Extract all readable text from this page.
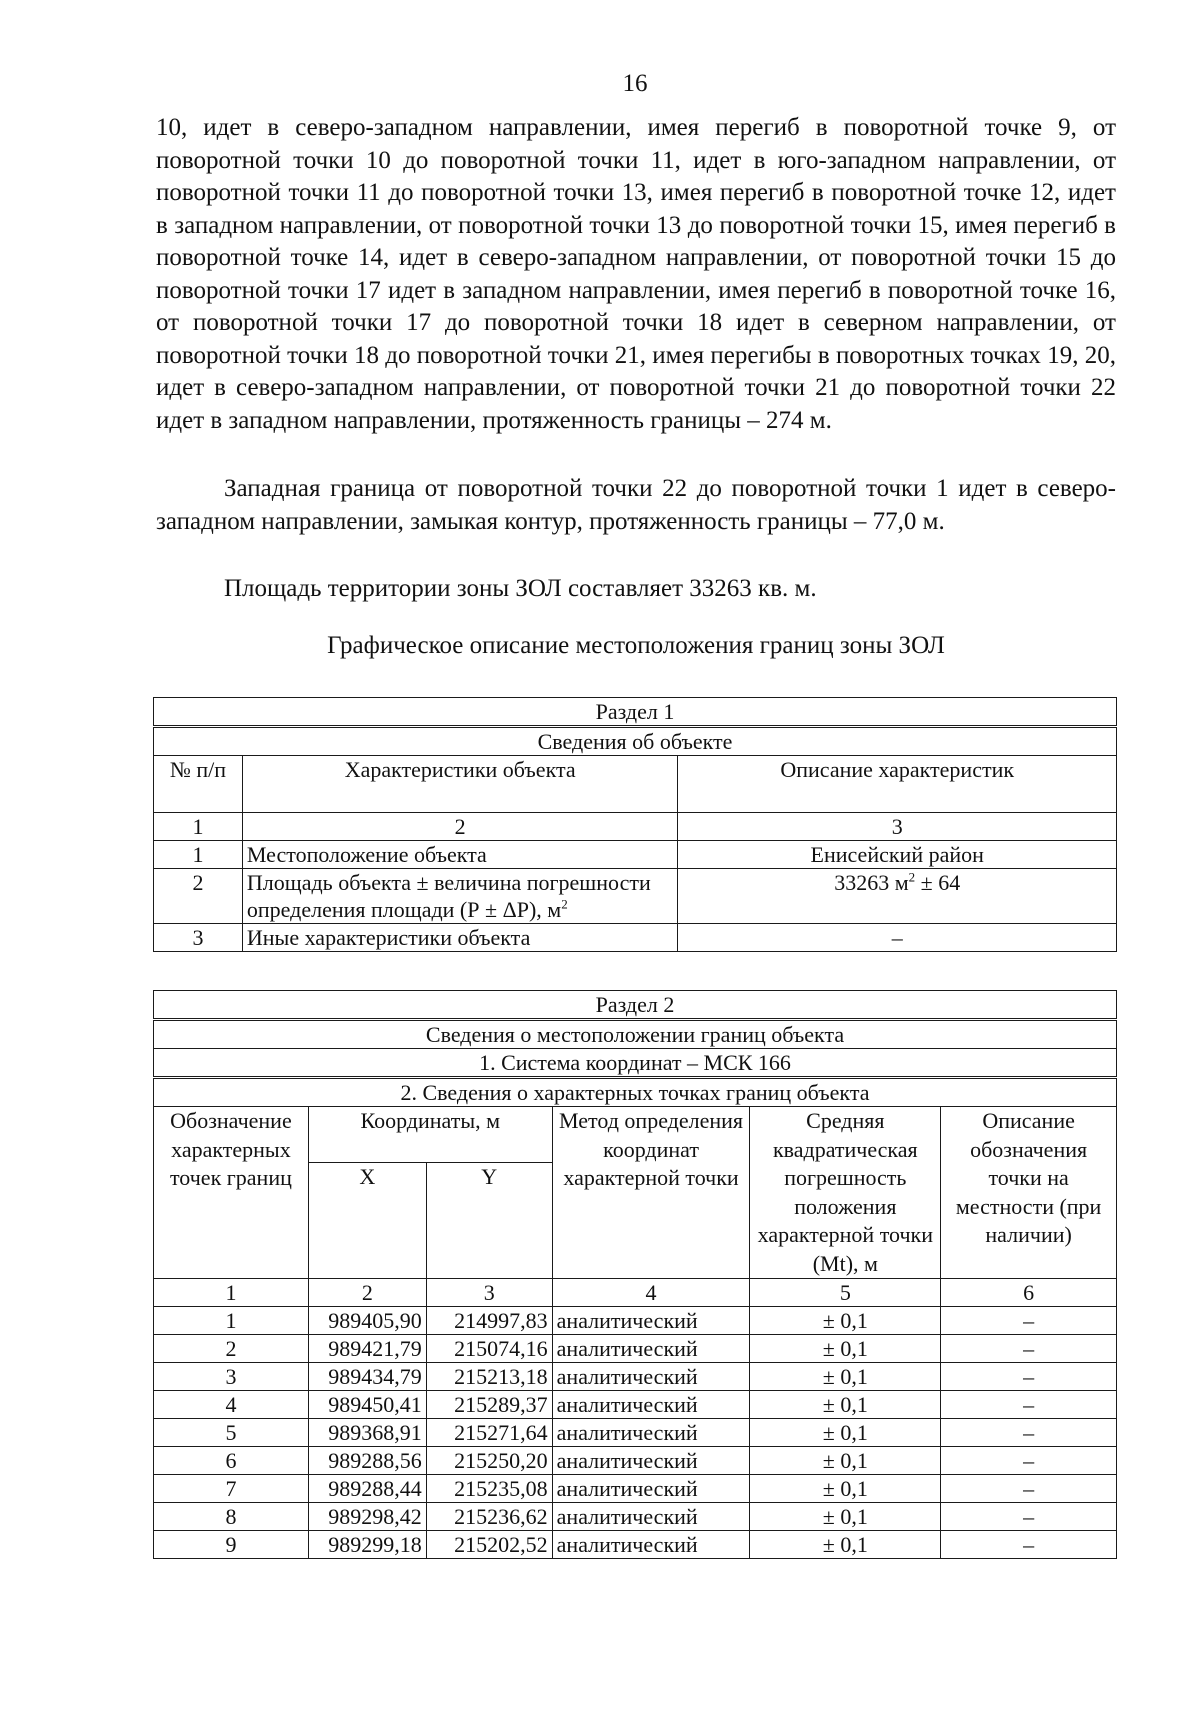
16

10, идет в северо-западном направлении, имея перегиб в поворотной точке 9, от поворотной точки 10 до поворотной точки 11, идет в юго-западном направлении, от поворотной точки 11 до поворотной точки 13, имея перегиб в поворотной точке 12, идет в западном направлении, от поворотной точки 13 до поворотной точки 15, имея перегиб в поворотной точке 14, идет в северо-западном направлении, от поворотной точки 15 до поворотной точки 17 идет в западном направлении, имея перегиб в поворотной точке 16, от поворотной точки 17 до поворотной точки 18 идет в северном направлении, от поворотной точки 18 до поворотной точки 21, имея перегибы в поворотных точках 19, 20, идет в северо-западном направлении, от поворотной точки 21 до поворотной точки 22 идет в западном направлении, протяженность границы – 274 м.

Западная граница от поворотной точки 22 до поворотной точки 1 идет в северо-западном направлении, замыкая контур, протяженность границы – 77,0 м.

Площадь территории зоны ЗОЛ составляет 33263 кв. м.

Графическое описание местоположения границ зоны ЗОЛ
Раздел 1		
Сведения об объекте		
№ п/п	Характеристики объекта	Описание характеристик
1	2	3
1	Местоположение объекта	Енисейский район
2	Площадь объекта ± величина погрешности определения площади (Р ± ΔР), $м^2$	33263 $м^2 \pm 64$
3	Иные характеристики объекта	–
Раздел 2					
Сведения о местоположении границ объекта					
1. Система координат – МСК 166					
2. Сведения о характерных точках границ объекта					
Обозначение характерных точек границ	Координаты, м		Метод определения координат характерной точки	Средняя квадратическая погрешность положения характерной точки (Mt), м	Описание обозначения точки на местности (при наличии)
	X	Y			
1	2	3	4	5	6
1	989405,90	214997,83	аналитический	± 0,1	–
2	989421,79	215074,16	аналитический	± 0,1	–
3	989434,79	215213,18	аналитический	± 0,1	–
4	989450,41	215289,37	аналитический	± 0,1	–
5	989368,91	215271,64	аналитический	± 0,1	–
6	989288,56	215250,20	аналитический	± 0,1	–
7	989288,44	215235,08	аналитический	± 0,1	–
8	989298,42	215236,62	аналитический	± 0,1	–
9	989299,18	215202,52	аналитический	± 0,1	–
